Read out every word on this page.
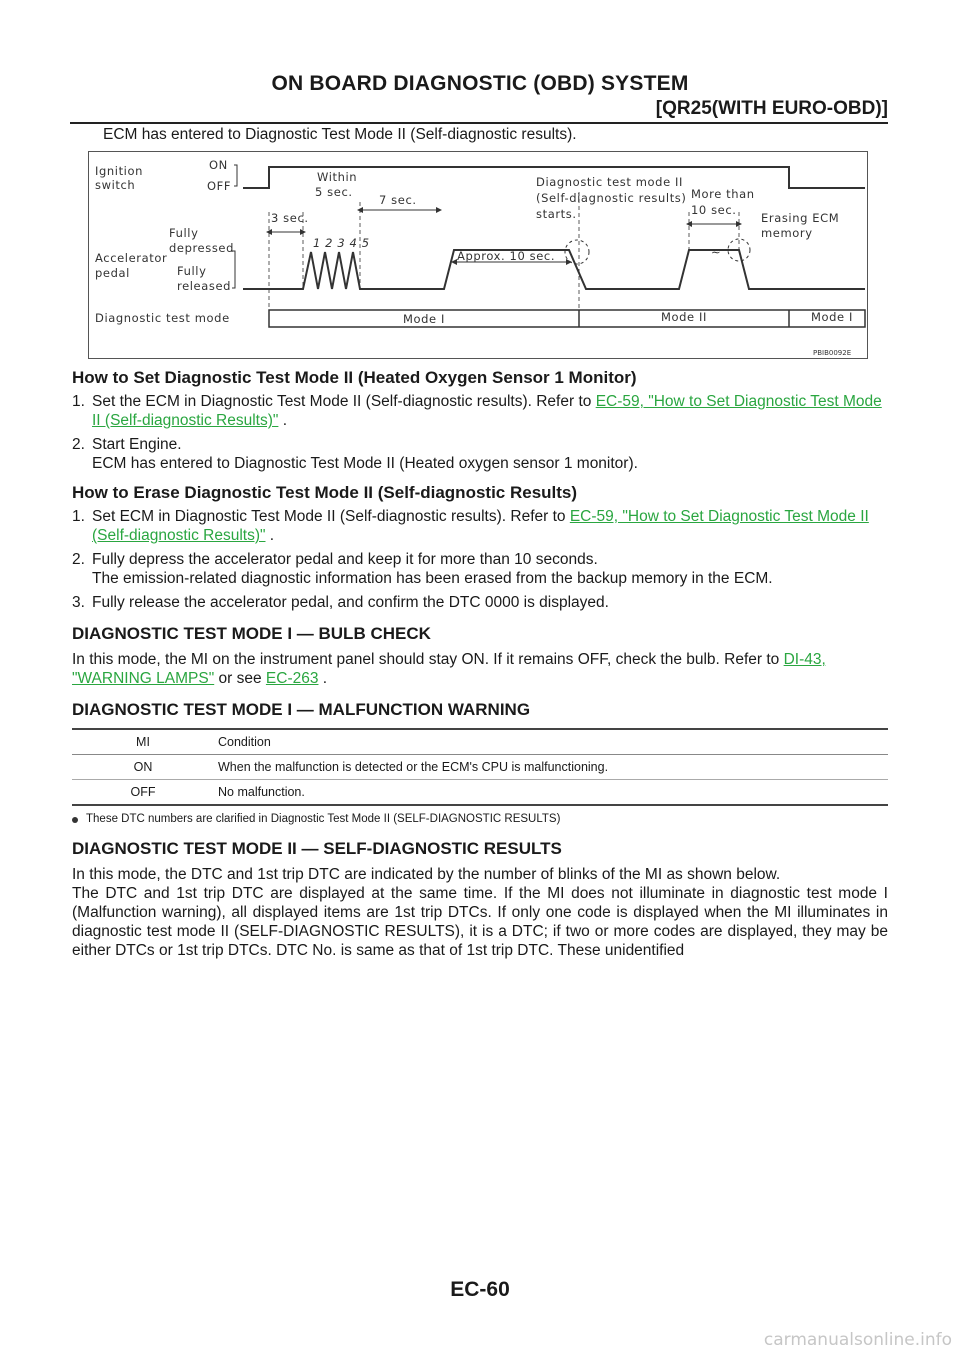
ON BOARD DIAGNOSTIC (OBD) SYSTEM
[QR25(WITH EURO-OBD)]
ECM has entered to Diagnostic Test Mode II (Self-diagnostic results).
Ignition
switch
ON
OFF
Fully
depressed
Accelerator
pedal	Fully
released
Diagnostic test mode	Mode I	Mode II	Mode I
3 sec.
Within
5 sec.
7 sec.
1 2 3 4 5
Approx. 10 sec.
Diagnostic test mode II
(Self-diagnostic results)
starts.
More than
10 sec.
Erasing ECM
memory
≈
PBIB0092E
How to Set Diagnostic Test Mode II (Heated Oxygen Sensor 1 Monitor)
1. Set the ECM in Diagnostic Test Mode II (Self-diagnostic results). Refer to EC-59, "How to Set Diagnostic Test Mode II (Self-diagnostic Results)" .
2. Start Engine.
ECM has entered to Diagnostic Test Mode II (Heated oxygen sensor 1 monitor).
How to Erase Diagnostic Test Mode II (Self-diagnostic Results)
1. Set ECM in Diagnostic Test Mode II (Self-diagnostic results). Refer to EC-59, "How to Set Diagnostic Test Mode II (Self-diagnostic Results)" .
2. Fully depress the accelerator pedal and keep it for more than 10 seconds.
The emission-related diagnostic information has been erased from the backup memory in the ECM.
3. Fully release the accelerator pedal, and confirm the DTC 0000 is displayed.
DIAGNOSTIC TEST MODE I — BULB CHECK
In this mode, the MI on the instrument panel should stay ON. If it remains OFF, check the bulb. Refer to DI-43, "WARNING LAMPS" or see EC-263 .
DIAGNOSTIC TEST MODE I — MALFUNCTION WARNING
MI	Condition
ON	When the malfunction is detected or the ECM's CPU is malfunctioning.
OFF	No malfunction.
These DTC numbers are clarified in Diagnostic Test Mode II (SELF-DIAGNOSTIC RESULTS)
DIAGNOSTIC TEST MODE II — SELF-DIAGNOSTIC RESULTS
In this mode, the DTC and 1st trip DTC are indicated by the number of blinks of the MI as shown below.
The DTC and 1st trip DTC are displayed at the same time. If the MI does not illuminate in diagnostic test mode I (Malfunction warning), all displayed items are 1st trip DTCs. If only one code is displayed when the MI illuminates in diagnostic test mode II (SELF-DIAGNOSTIC RESULTS), it is a DTC; if two or more codes are displayed, they may be either DTCs or 1st trip DTCs. DTC No. is same as that of 1st trip DTC. These unidentified
EC-60
carmanualsonline.info
